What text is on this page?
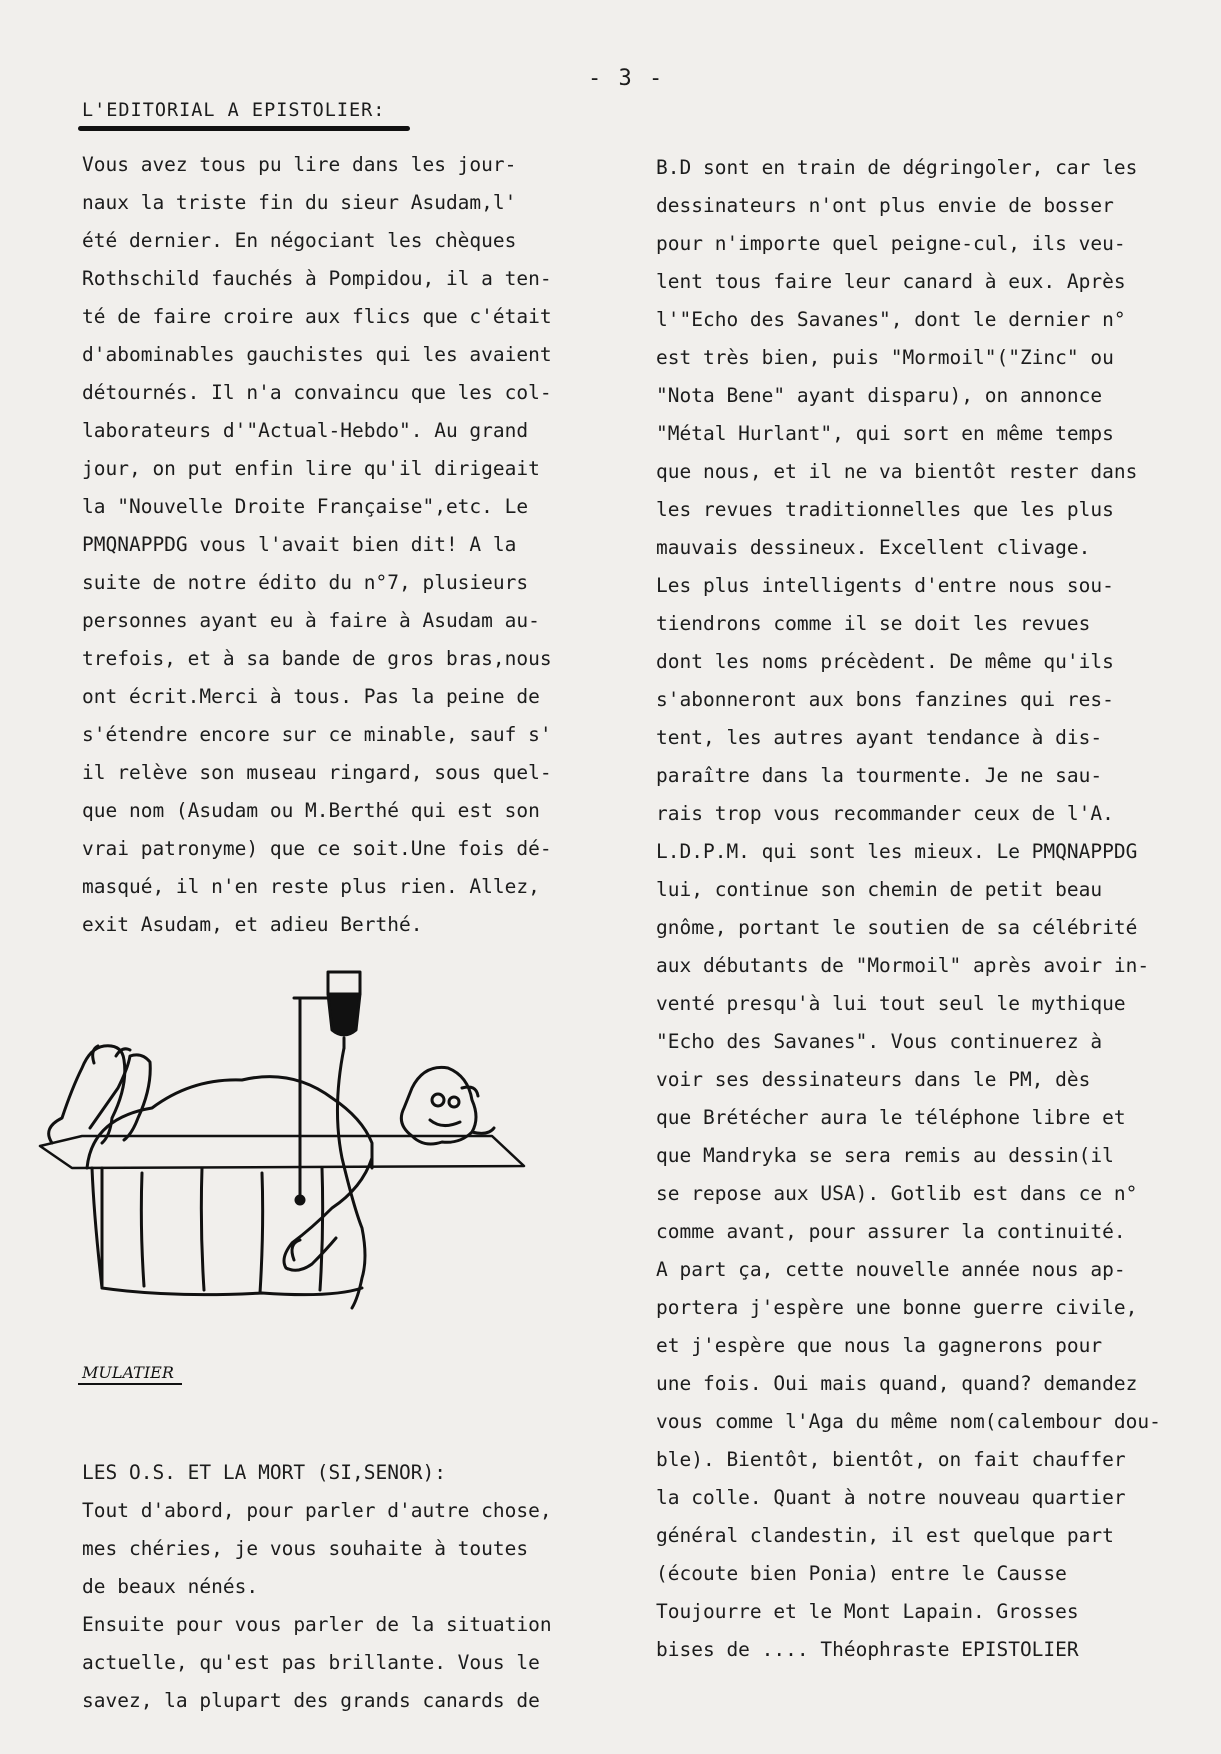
- 3 -
L'EDITORIAL A EPISTOLIER:
Vous avez tous pu lire dans les jour-
naux la triste fin du sieur Asudam,l'
été dernier. En négociant les chèques
Rothschild fauchés à Pompidou, il a ten-
té de faire croire aux flics que c'était
d'abominables gauchistes qui les avaient
détournés. Il n'a convaincu que les col-
laborateurs d'"Actual-Hebdo". Au grand
jour, on put enfin lire qu'il dirigeait
la "Nouvelle Droite Française",etc. Le
PMQNAPPDG vous l'avait bien dit! A la
suite de notre édito du n°7, plusieurs
personnes ayant eu à faire à Asudam au-
trefois, et à sa bande de gros bras,nous
ont écrit.Merci à tous. Pas la peine de
s'étendre encore sur ce minable, sauf s'
il relève son museau ringard, sous quel-
que nom (Asudam ou M.Berthé qui est son
vrai patronyme) que ce soit.Une fois dé-
masqué, il n'en reste plus rien. Allez,
exit Asudam, et adieu Berthé.
B.D sont en train de dégringoler, car les
dessinateurs n'ont plus envie de bosser
pour n'importe quel peigne-cul, ils veu-
lent tous faire leur canard à eux. Après
l'"Echo des Savanes", dont le dernier n°
est très bien, puis "Mormoil"("Zinc" ou
"Nota Bene" ayant disparu), on annonce
"Métal Hurlant", qui sort en même temps
que nous, et il ne va bientôt rester dans
les revues traditionnelles que les plus
mauvais dessineux. Excellent clivage.
Les plus intelligents d'entre nous sou-
tiendrons comme il se doit les revues
dont les noms précèdent. De même qu'ils
s'abonneront aux bons fanzines qui res-
tent, les autres ayant tendance à dis-
paraître dans la tourmente. Je ne sau-
rais trop vous recommander ceux de l'A.
L.D.P.M. qui sont les mieux. Le PMQNAPPDG
lui, continue son chemin de petit beau
gnôme, portant le soutien de sa célébrité
aux débutants de "Mormoil" après avoir in-
venté presqu'à lui tout seul le mythique
"Echo des Savanes". Vous continuerez à
voir ses dessinateurs dans le PM, dès
que Brétécher aura le téléphone libre et
que Mandryka se sera remis au dessin(il
se repose aux USA). Gotlib est dans ce n°
comme avant, pour assurer la continuité.
A part ça, cette nouvelle année nous ap-
portera j'espère une bonne guerre civile,
et j'espère que nous la gagnerons pour
une fois. Oui mais quand, quand? demandez
vous comme l'Aga du même nom(calembour dou-
ble). Bientôt, bientôt, on fait chauffer
la colle. Quant à notre nouveau quartier
général clandestin, il est quelque part
(écoute bien Ponia) entre le Causse
Toujourre et le Mont Lapain. Grosses
bises de .... Théophraste EPISTOLIER
MULATIER
LES O.S. ET LA MORT (SI,SENOR):
Tout d'abord, pour parler d'autre chose,
mes chéries, je vous souhaite à toutes
de beaux nénés.
Ensuite pour vous parler de la situation
actuelle, qu'est pas brillante. Vous le
savez, la plupart des grands canards de
